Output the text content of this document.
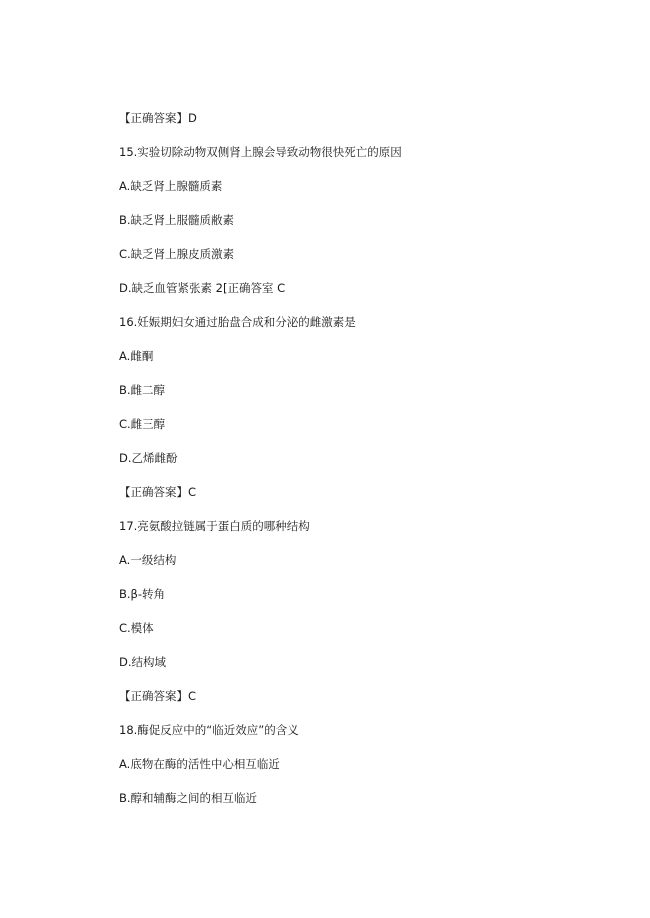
【正确答案】D
15.实验切除动物双侧肾上腺会导致动物很快死亡的原因
A.缺乏肾上腺髓质素
B.缺乏肾上服髓质敝素
C.缺乏肾上腺皮质激素
D.缺乏血管紧张素 2[正确答室 C
16.妊娠期妇女通过胎盘合成和分泌的雌激素是
A.雌酮
B.雌二醇
C.雌三醇
D.乙烯雌酚
【正确答案】C
17.亮氨酸拉链属于蛋白质的哪种结构
A.一级结构
B.β-转角
C.模体
D.结构域
【正确答案】C
18.酶促反应中的“临近效应”的含义
A.底物在酶的活性中心相互临近
B.醇和辅酶之间的相互临近
